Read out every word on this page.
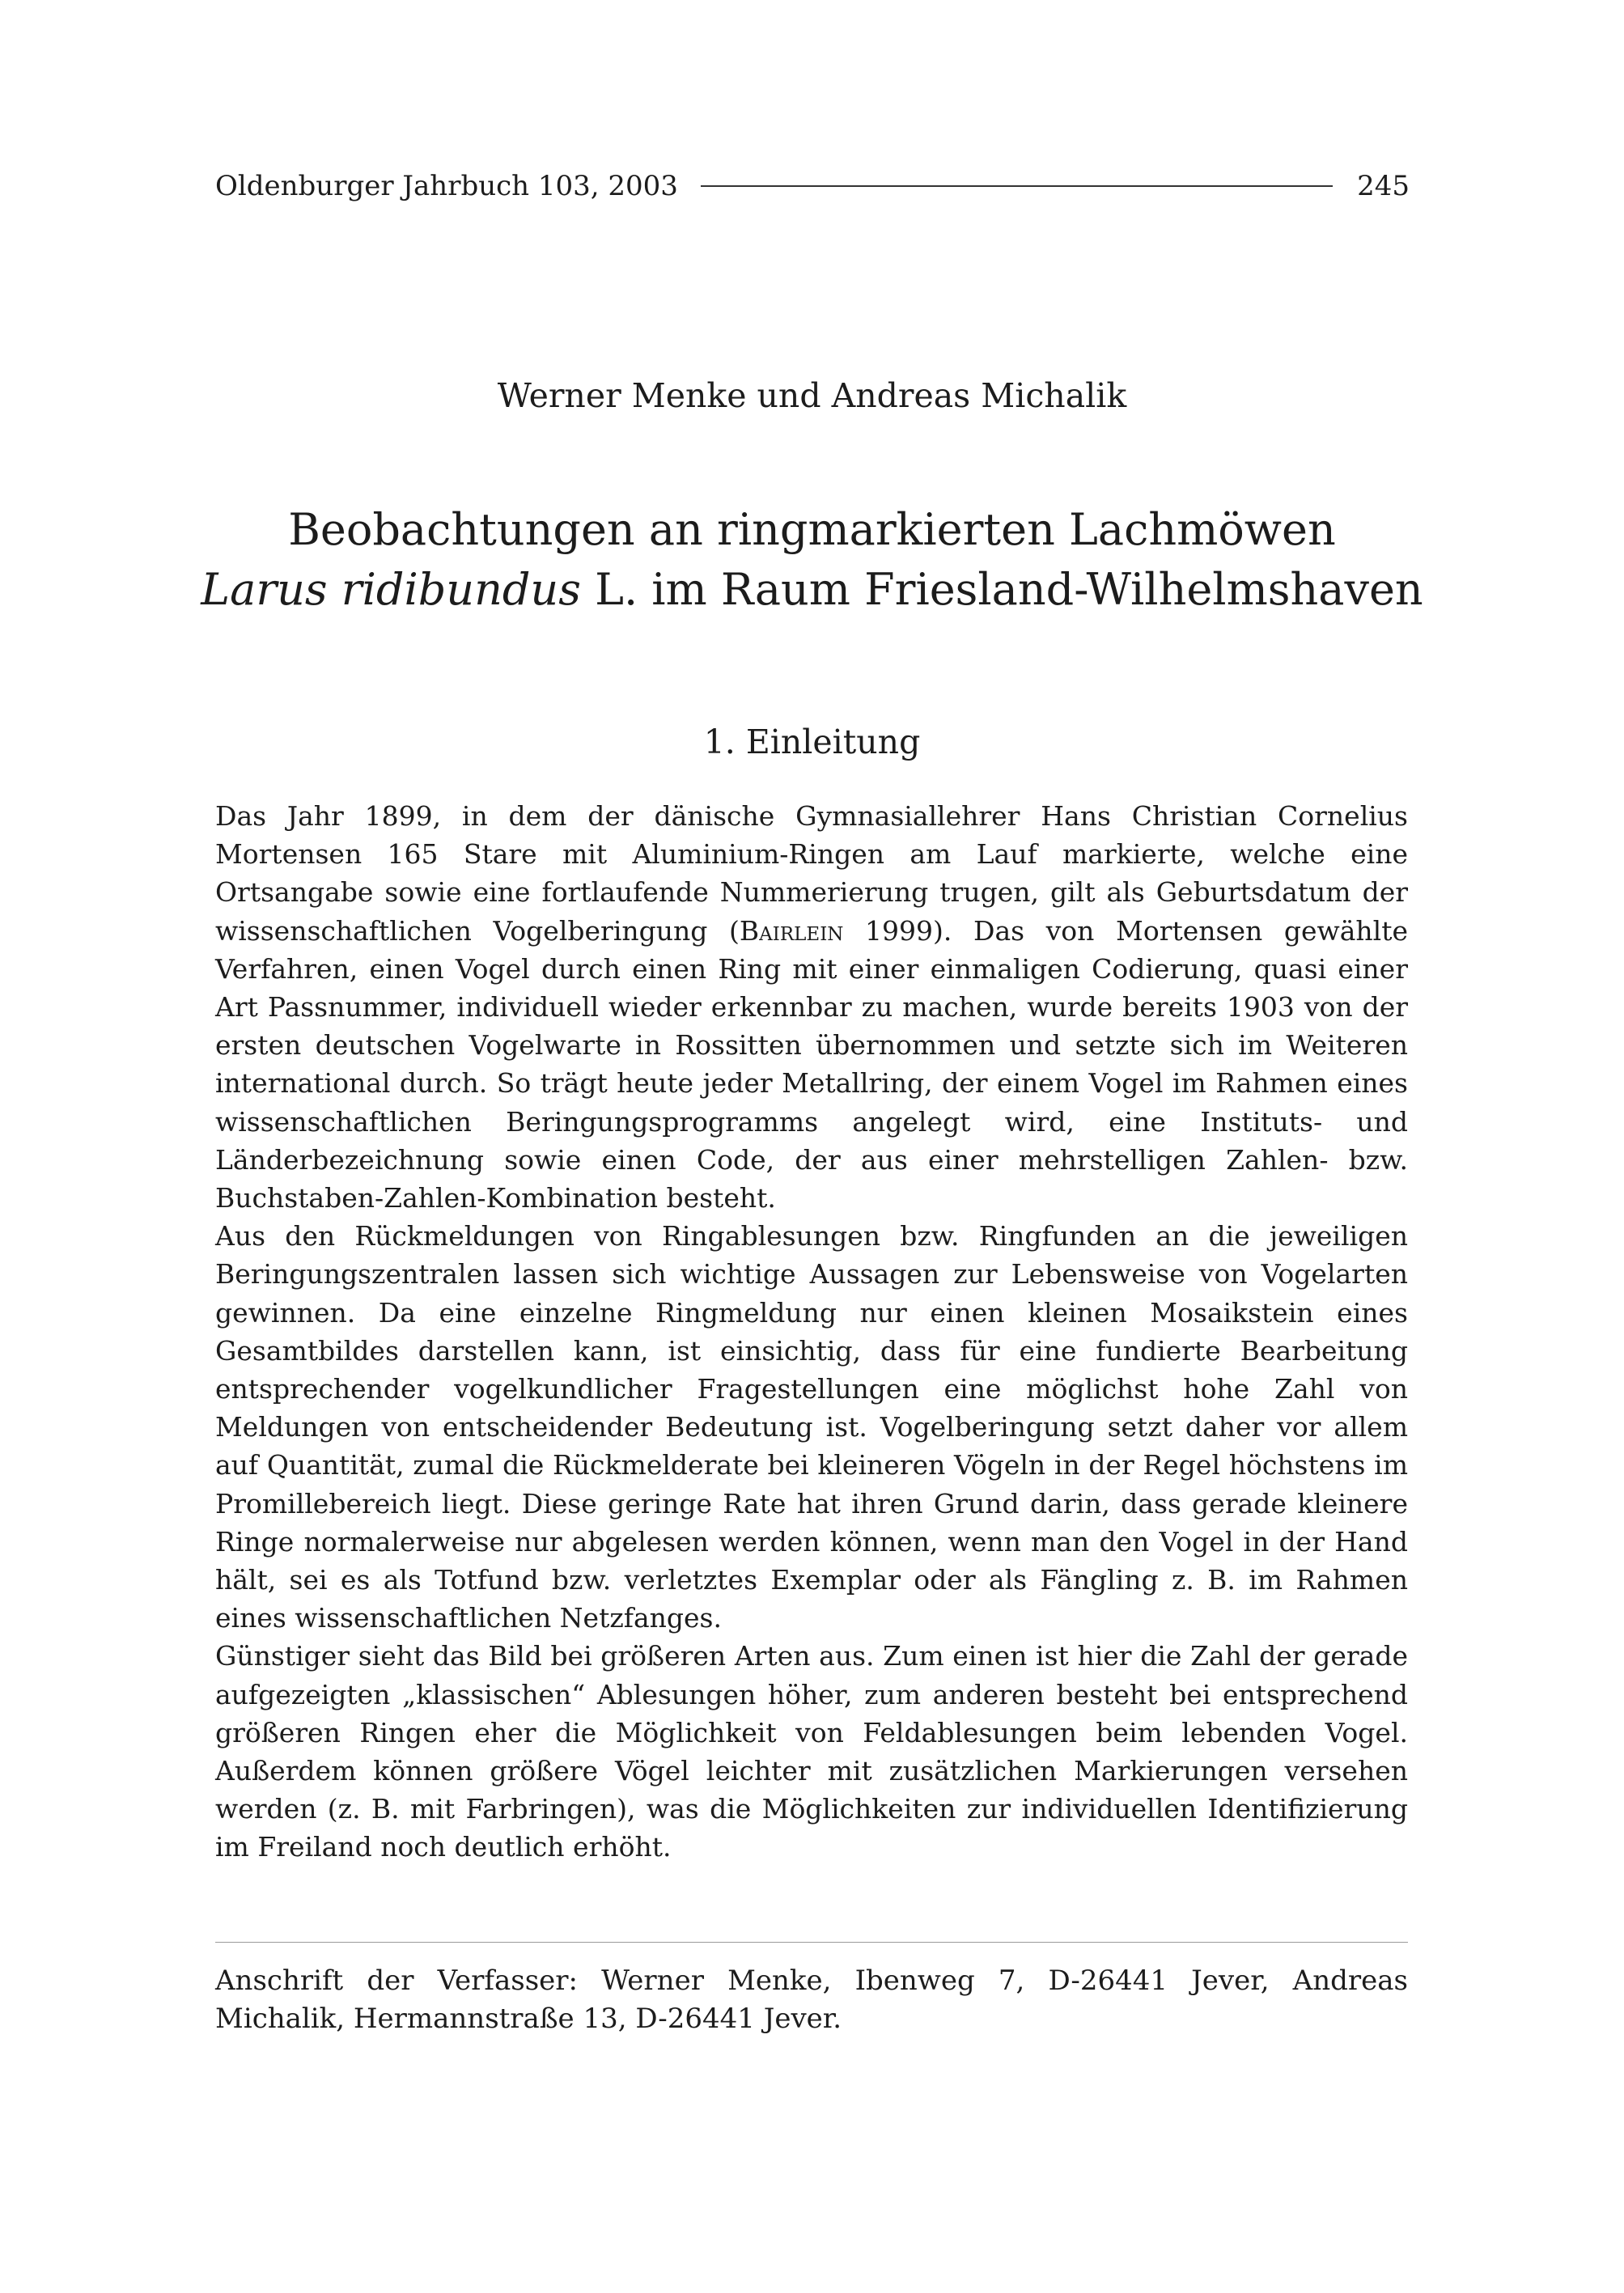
Oldenburger Jahrbuch 103, 2003	245
Werner Menke und Andreas Michalik
Beobachtungen an ringmarkierten Lachmöwen
Larus ridibundus L. im Raum Friesland-Wilhelmshaven
1. Einleitung

Das Jahr 1899, in dem der dänische Gymnasiallehrer Hans Christian Cornelius Mortensen 165 Stare mit Aluminium-Ringen am Lauf markierte, welche eine Ortsangabe sowie eine fortlaufende Nummerierung trugen, gilt als Geburtsdatum der wissenschaftlichen Vogelberingung (Bairlein 1999). Das von Mortensen gewählte Verfahren, einen Vogel durch einen Ring mit einer einmaligen Codierung, quasi einer Art Passnummer, individuell wieder erkennbar zu machen, wurde bereits 1903 von der ersten deutschen Vogelwarte in Rossitten übernommen und setzte sich im Weiteren international durch. So trägt heute jeder Metallring, der einem Vogel im Rahmen eines wissenschaftlichen Beringungsprogramms angelegt wird, eine Instituts- und Länderbezeichnung sowie einen Code, der aus einer mehrstelligen Zahlen- bzw. Buchstaben-Zahlen-Kombination besteht.

Aus den Rückmeldungen von Ringablesungen bzw. Ringfunden an die jeweiligen Beringungszentralen lassen sich wichtige Aussagen zur Lebensweise von Vogelarten gewinnen. Da eine einzelne Ringmeldung nur einen kleinen Mosaikstein eines Gesamtbildes darstellen kann, ist einsichtig, dass für eine fundierte Bearbeitung entsprechender vogelkundlicher Fragestellungen eine möglichst hohe Zahl von Meldungen von entscheidender Bedeutung ist. Vogelberingung setzt daher vor allem auf Quantität, zumal die Rückmelderate bei kleineren Vögeln in der Regel höchstens im Promillebereich liegt. Diese geringe Rate hat ihren Grund darin, dass gerade kleinere Ringe normalerweise nur abgelesen werden können, wenn man den Vogel in der Hand hält, sei es als Totfund bzw. verletztes Exemplar oder als Fängling z. B. im Rahmen eines wissenschaftlichen Netzfanges.

Günstiger sieht das Bild bei größeren Arten aus. Zum einen ist hier die Zahl der gerade aufgezeigten „klassischen“ Ablesungen höher, zum anderen besteht bei entsprechend größeren Ringen eher die Möglichkeit von Feldablesungen beim lebenden Vogel. Außerdem können größere Vögel leichter mit zusätzlichen Markierungen versehen werden (z. B. mit Farbringen), was die Möglichkeiten zur individuellen Identifizierung im Freiland noch deutlich erhöht.

Anschrift der Verfasser: Werner Menke, Ibenweg 7, D-26441 Jever, Andreas Michalik, Hermannstraße 13, D-26441 Jever.
